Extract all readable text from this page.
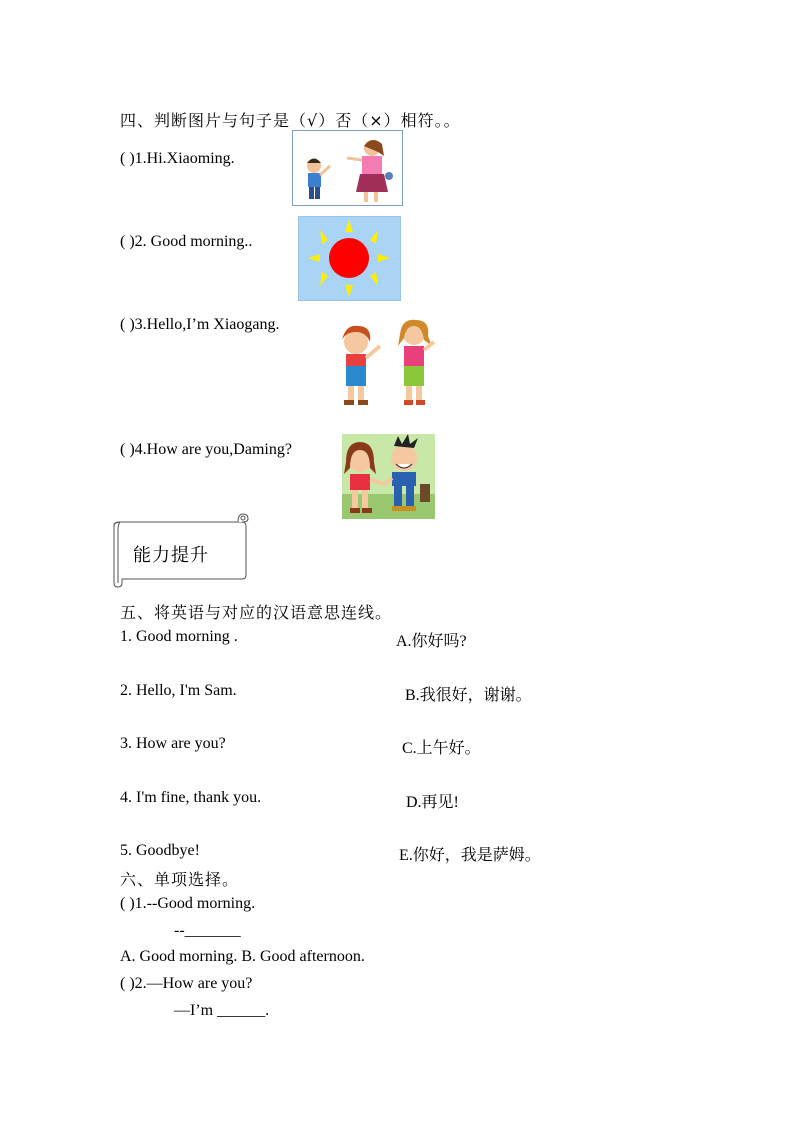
四、判断图片与句子是（√）否（×）相符。。
( )1.Hi.Xiaoming.
( )2. Good morning..
( )3.Hello,I’m Xiaogang.
( )4.How are you,Daming?
能力提升
五、将英语与对应的汉语意思连线。
1. Good morning .
2. Hello, I'm Sam.
3. How are you?
4. I'm fine, thank you.
5. Goodbye!
A.你好吗?
B.我很好，谢谢。
C.上午好。
D.再见!
E.你好，我是萨姆。
六、单项选择。
( )1.--Good morning.
--_______
A. Good morning. B. Good afternoon.
( )2.—How are you?
—I’m ______.
